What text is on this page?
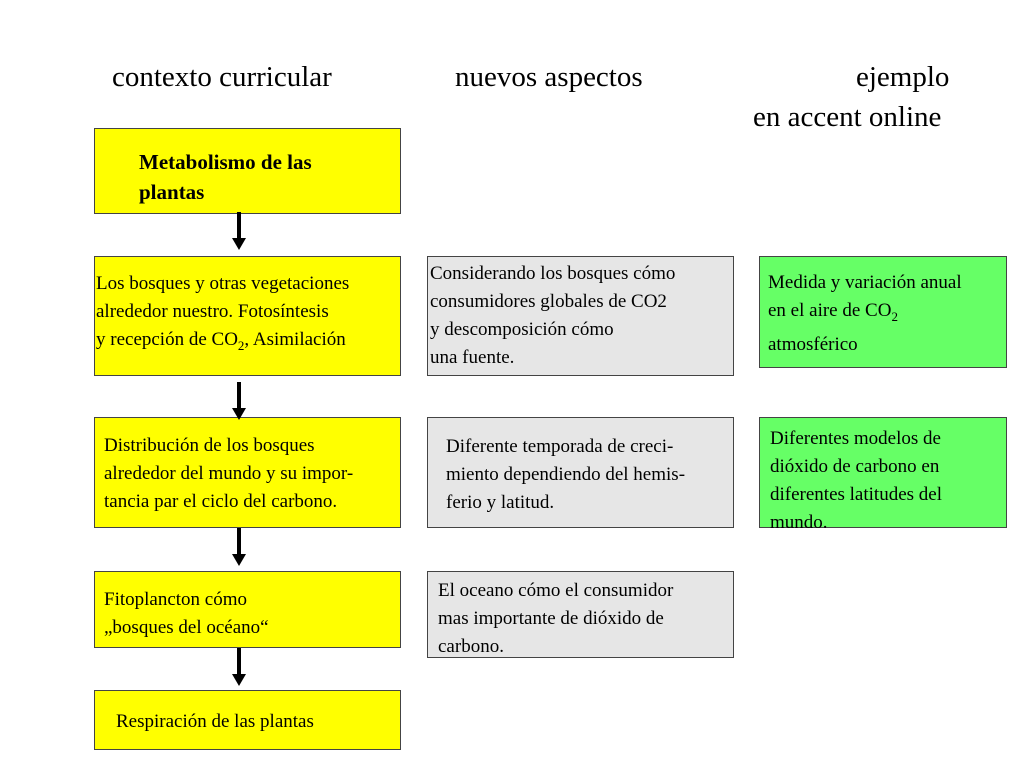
contexto curricular	nuevos aspectos	ejemplo
en accent online
Metabolismo de las
plantas
Los bosques y otras vegetaciones
alrededor nuestro. Fotosíntesis
y recepción de $CO_2$, Asimilación
Distribución de los bosques
alrededor del mundo y su impor-
tancia par el ciclo del carbono.
Fitoplancton cómo
„bosques del océano“
Respiración de las plantas
Considerando los bosques cómo
consumidores globales de CO2
y descomposición cómo
una fuente.
Diferente temporada de creci-
miento dependiendo del hemis-
ferio y latitud.
El oceano cómo el consumidor
mas importante de dióxido de
carbono.
Medida y variación anual
en el aire de $CO_2$
atmosférico
Diferentes modelos de
dióxido de carbono en
diferentes latitudes del
mundo.
